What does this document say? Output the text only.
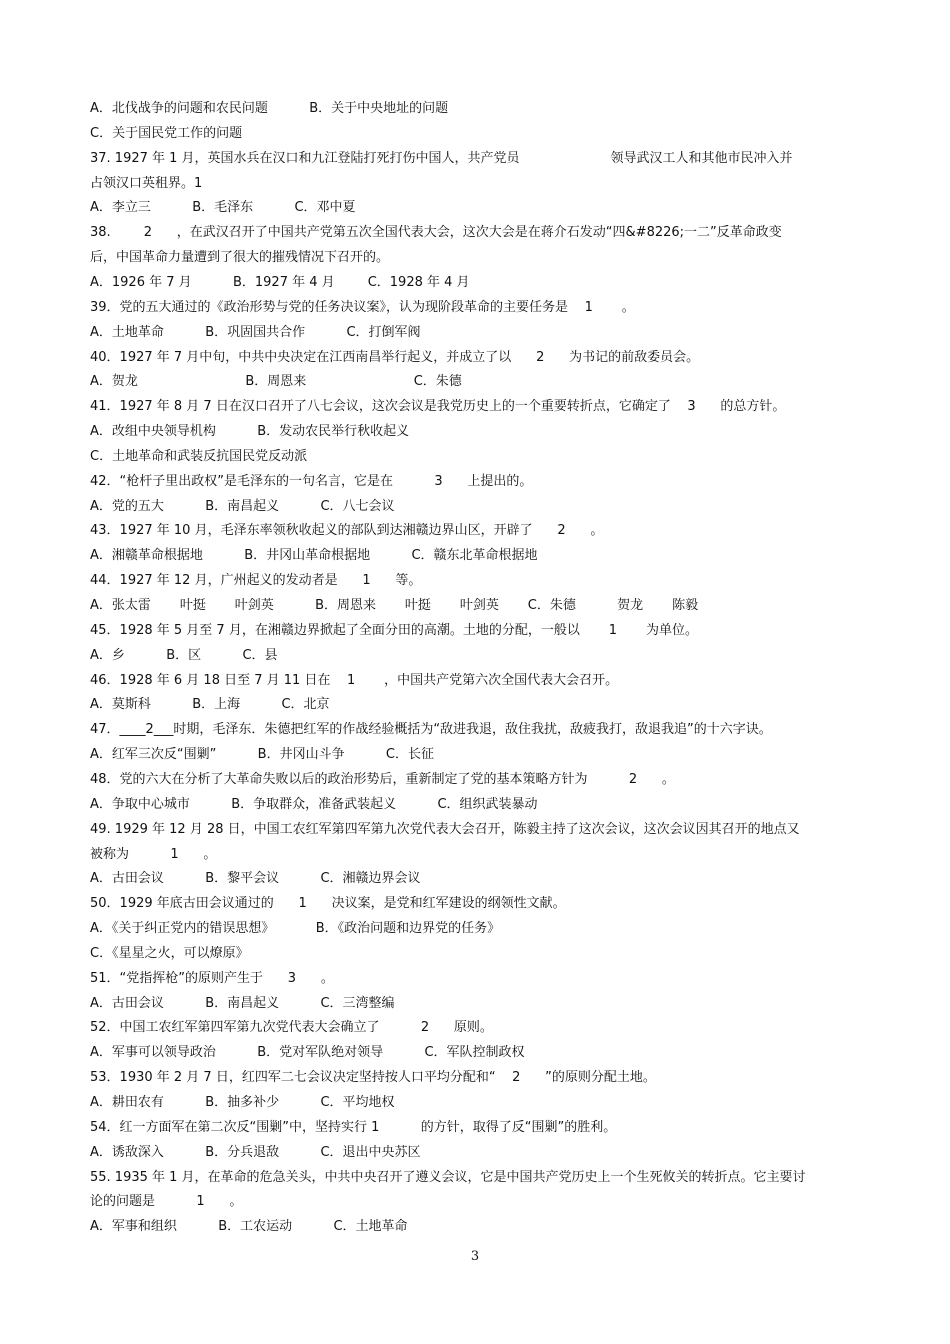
A．北伐战争的问题和农民问题          B．关于中央地址的问题
C．关于国民党工作的问题
37. 1927 年 1 月，英国水兵在汉口和九江登陆打死打伤中国人，共产党员                      领导武汉工人和其他市民冲入并
占领汉口英租界。1
A．李立三          B．毛泽东          C．邓中夏
38.        2      ，在武汉召开了中国共产党第五次全国代表大会，这次大会是在蒋介石发动“四&#8226;一二”反革命政变
后，中国革命力量遭到了很大的摧残情况下召开的。
A．1926 年 7 月          B．1927 年 4 月        C．1928 年 4 月
39．党的五大通过的《政治形势与党的任务决议案》，认为现阶段革命的主要任务是    1       。
A．土地革命          B．巩固国共合作          C．打倒军阀
40．1927 年 7 月中旬，中共中央决定在江西南昌举行起义，并成立了以      2      为书记的前敌委员会。
A．贺龙                          B．周恩来                          C．朱德
41．1927 年 8 月 7 日在汉口召开了八七会议，这次会议是我党历史上的一个重要转折点，它确定了    3      的总方针。
A．改组中央领导机构          B．发动农民举行秋收起义
C．土地革命和武装反抗国民党反动派
42．“枪杆子里出政权”是毛泽东的一句名言，它是在          3      上提出的。
A．党的五大          B．南昌起义          C．八七会议
43．1927 年 10 月，毛泽东率领秋收起义的部队到达湘赣边界山区，开辟了      2      。
A．湘赣革命根据地          B．井冈山革命根据地          C．赣东北革命根据地
44．1927 年 12 月，广州起义的发动者是      1      等。
A．张太雷       叶挺       叶剑英          B．周恩来       叶挺       叶剑英       C．朱德          贺龙       陈毅
45．1928 年 5 月至 7 月，在湘赣边界掀起了全面分田的高潮。土地的分配，一般以       1       为单位。
A．乡          B．区          C．县
46．1928 年 6 月 18 日至 7 月 11 日在    1       ，中国共产党第六次全国代表大会召开。
A．莫斯科          B．上海          C．北京
47．____2___时期，毛泽东．朱德把红军的作战经验概括为“敌进我退，敌住我扰，敌疲我打，敌退我追”的十六字诀。
A．红军三次反“围剿”          B．井冈山斗争          C．长征
48．党的六大在分析了大革命失败以后的政治形势后，重新制定了党的基本策略方针为          2      。
A．争取中心城市          B．争取群众，准备武装起义          C．组织武装暴动
49. 1929 年 12 月 28 日，中国工农红军第四军第九次党代表大会召开，陈毅主持了这次会议，这次会议因其召开的地点又
被称为          1      。
A．古田会议          B．黎平会议          C．湘赣边界会议
50．1929 年底古田会议通过的      1      决议案，是党和红军建设的纲领性文献。
A．《关于纠正党内的错误思想》          B．《政治问题和边界党的任务》
C．《星星之火，可以燎原》
51．“党指挥枪”的原则产生于      3      。
A．古田会议          B．南昌起义          C．三湾整编
52．中国工农红军第四军第九次党代表大会确立了          2      原则。
A．军事可以领导政治          B．党对军队绝对领导          C．军队控制政权
53．1930 年 2 月 7 日，红四军二七会议决定坚持按人口平均分配和“    2      ”的原则分配土地。
A．耕田农有          B．抽多补少          C．平均地权
54．红一方面军在第二次反“围剿”中，坚持实行 1          的方针，取得了反“围剿”的胜利。
A．诱敌深入          B．分兵退敌          C．退出中央苏区
55. 1935 年 1 月，在革命的危急关头，中共中央召开了遵义会议，它是中国共产党历史上一个生死攸关的转折点。它主要讨
论的问题是          1      。
A．军事和组织          B．工农运动          C．土地革命
3
